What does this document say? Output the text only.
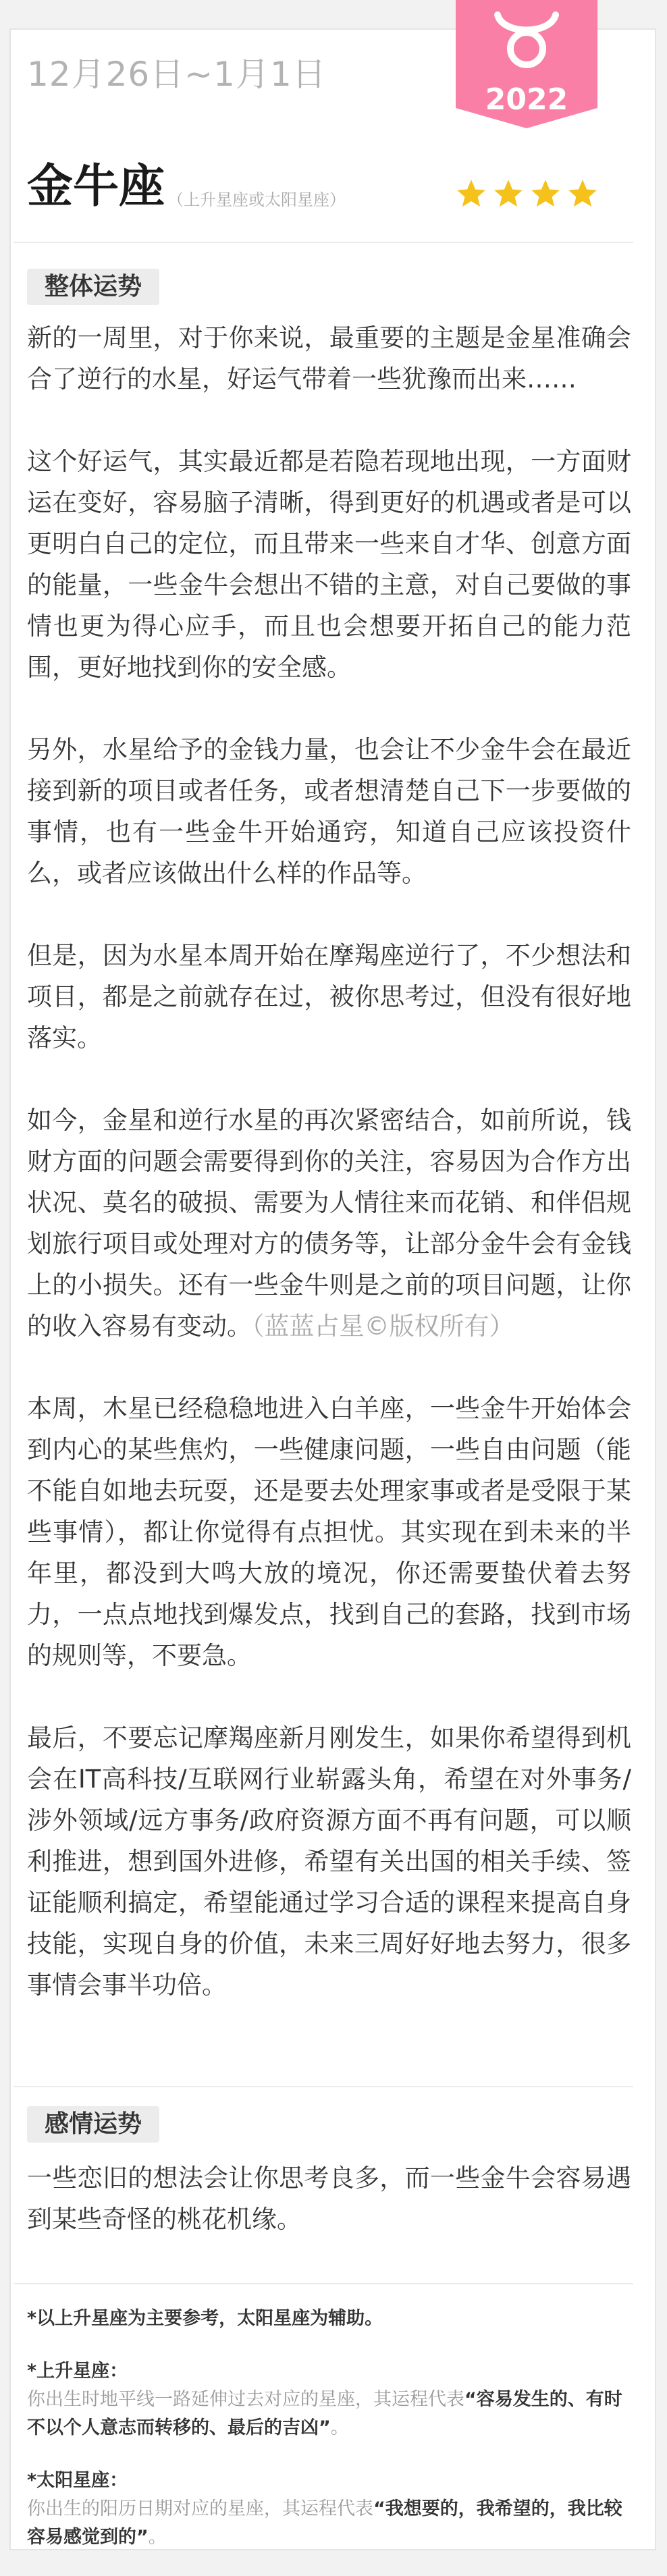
12月26日~1月1日
2022
金牛座 （上升星座或太阳星座）
整体运势

新的一周里，对于你来说，最重要的主题是金星准确会合了逆行的水星，好运气带着一些犹豫而出来……

这个好运气，其实最近都是若隐若现地出现，一方面财运在变好，容易脑子清晰，得到更好的机遇或者是可以更明白自己的定位，而且带来一些来自才华、创意方面的能量，一些金牛会想出不错的主意，对自己要做的事情也更为得心应手，而且也会想要开拓自己的能力范围，更好地找到你的安全感。

另外，水星给予的金钱力量，也会让不少金牛会在最近接到新的项目或者任务，或者想清楚自己下一步要做的事情，也有一些金牛开始通窍，知道自己应该投资什么，或者应该做出什么样的作品等。

但是，因为水星本周开始在摩羯座逆行了，不少想法和项目，都是之前就存在过，被你思考过，但没有很好地落实。

如今，金星和逆行水星的再次紧密结合，如前所说，钱财方面的问题会需要得到你的关注，容易因为合作方出状况、莫名的破损、需要为人情往来而花销、和伴侣规划旅行项目或处理对方的债务等，让部分金牛会有金钱上的小损失。还有一些金牛则是之前的项目问题，让你的收入容易有变动。（蓝蓝占星©版权所有）

本周，木星已经稳稳地进入白羊座，一些金牛开始体会到内心的某些焦灼，一些健康问题，一些自由问题（能不能自如地去玩耍，还是要去处理家事或者是受限于某些事情），都让你觉得有点担忧。其实现在到未来的半年里，都没到大鸣大放的境况，你还需要蛰伏着去努力，一点点地找到爆发点，找到自己的套路，找到市场的规则等，不要急。

最后，不要忘记摩羯座新月刚发生，如果你希望得到机会在IT高科技/互联网行业崭露头角，希望在对外事务/涉外领域/远方事务/政府资源方面不再有问题，可以顺利推进，想到国外进修，希望有关出国的相关手续、签证能顺利搞定，希望能通过学习合适的课程来提高自身技能，实现自身的价值，未来三周好好地去努力，很多事情会事半功倍。

感情运势

一些恋旧的想法会让你思考良多，而一些金牛会容易遇到某些奇怪的桃花机缘。

*以上升星座为主要参考，太阳星座为辅助。
*上升星座：
你出生时地平线一路延伸过去对应的星座，其运程代表“容易发生的、有时不以个人意志而转移的、最后的吉凶”。
*太阳星座：
你出生的阳历日期对应的星座，其运程代表“我想要的，我希望的，我比较容易感觉到的”。
